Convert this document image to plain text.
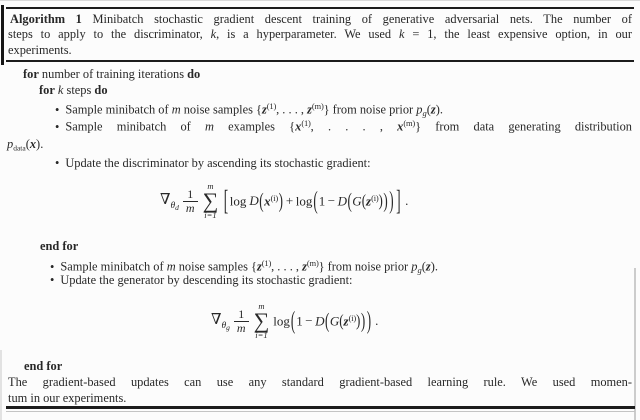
Algorithm 1 Minibatch stochastic gradient descent training of generative adversarial nets. The number of
steps to apply to the discriminator, k, is a hyperparameter. We used k = 1, the least expensive option, in our
experiments.
for number of training iterations do
for k steps do
• Sample minibatch of m noise samples {$z^{(1)}$, . . . , $z^{(m)}$} from noise prior $p_g(z)$.
• Sample minibatch of m examples {$x^{(1)}$, . . . , $x^{(m)}$} from data generating distribution
$p_{data}(x)$.
• Update the discriminator by ascending its stochastic gradient:
$\nabla_{\theta d} \frac{1}{m}$
m
∑
i=1 [ $\log D(x^{(i)}) + \log(1 - D(G(z^{(i)}))$ ) ] .
end for
• Sample minibatch of m noise samples {$z^{(1)}$, . . . , $z^{(m)}$} from noise prior $p_g(z)$.
• Update the generator by descending its stochastic gradient:
$\nabla_{\theta g} \frac{1}{m}$
m
∑
i=1
$\log(1 - D(G(z^{(i)}))$ ) .
end for
The gradient-based updates can use any standard gradient-based learning rule. We used momen-
tum in our experiments.
